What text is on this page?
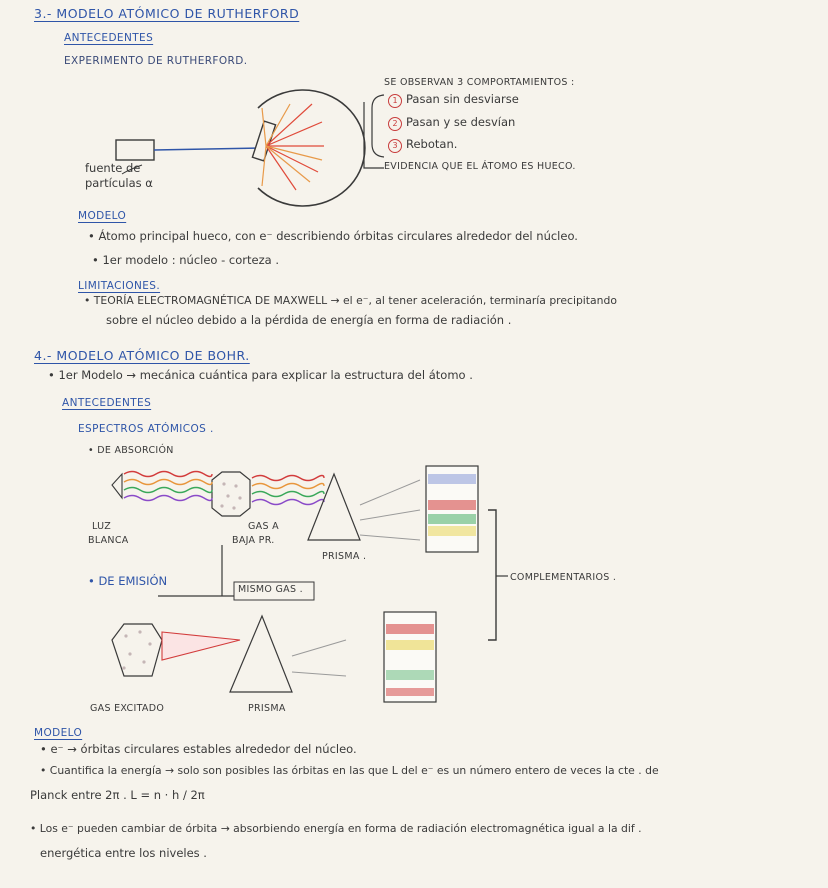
3.- MODELO ATÓMICO DE RUTHERFORD
ANTECEDENTES
EXPERIMENTO DE RUTHERFORD.
SE OBSERVAN 3 COMPORTAMIENTOS :
1 Pasan sin desviarse
2 Pasan y se desvían
3 Rebotan.
EVIDENCIA QUE EL ÁTOMO ES HUECO.
fuente de
partículas α
MODELO
• Átomo principal hueco, con e⁻ describiendo órbitas circulares alrededor del núcleo.
• 1er modelo : núcleo - corteza .
LIMITACIONES.
• TEORÍA ELECTROMAGNÉTICA DE MAXWELL → el e⁻, al tener aceleración, terminaría precipitando
sobre el núcleo debido a la pérdida de energía en forma de radiación .
4.- MODELO ATÓMICO DE BOHR.
• 1er Modelo → mecánica cuántica para explicar la estructura del átomo .
ANTECEDENTES
ESPECTROS ATÓMICOS .
• DE ABSORCIÓN
LUZ
BLANCA
GAS A
BAJA PR.
PRISMA .
• DE EMISIÓN
MISMO GAS .
COMPLEMENTARIOS .
GAS EXCITADO	PRISMA
MODELO
• e⁻ → órbitas circulares estables alrededor del núcleo.
• Cuantifica la energía → solo son posibles las órbitas en las que L del e⁻ es un número entero de veces la cte . de
Planck entre 2π . L = n · h / 2π
• Los e⁻ pueden cambiar de órbita → absorbiendo energía en forma de radiación electromagnética igual a la dif .
energética entre los niveles .
